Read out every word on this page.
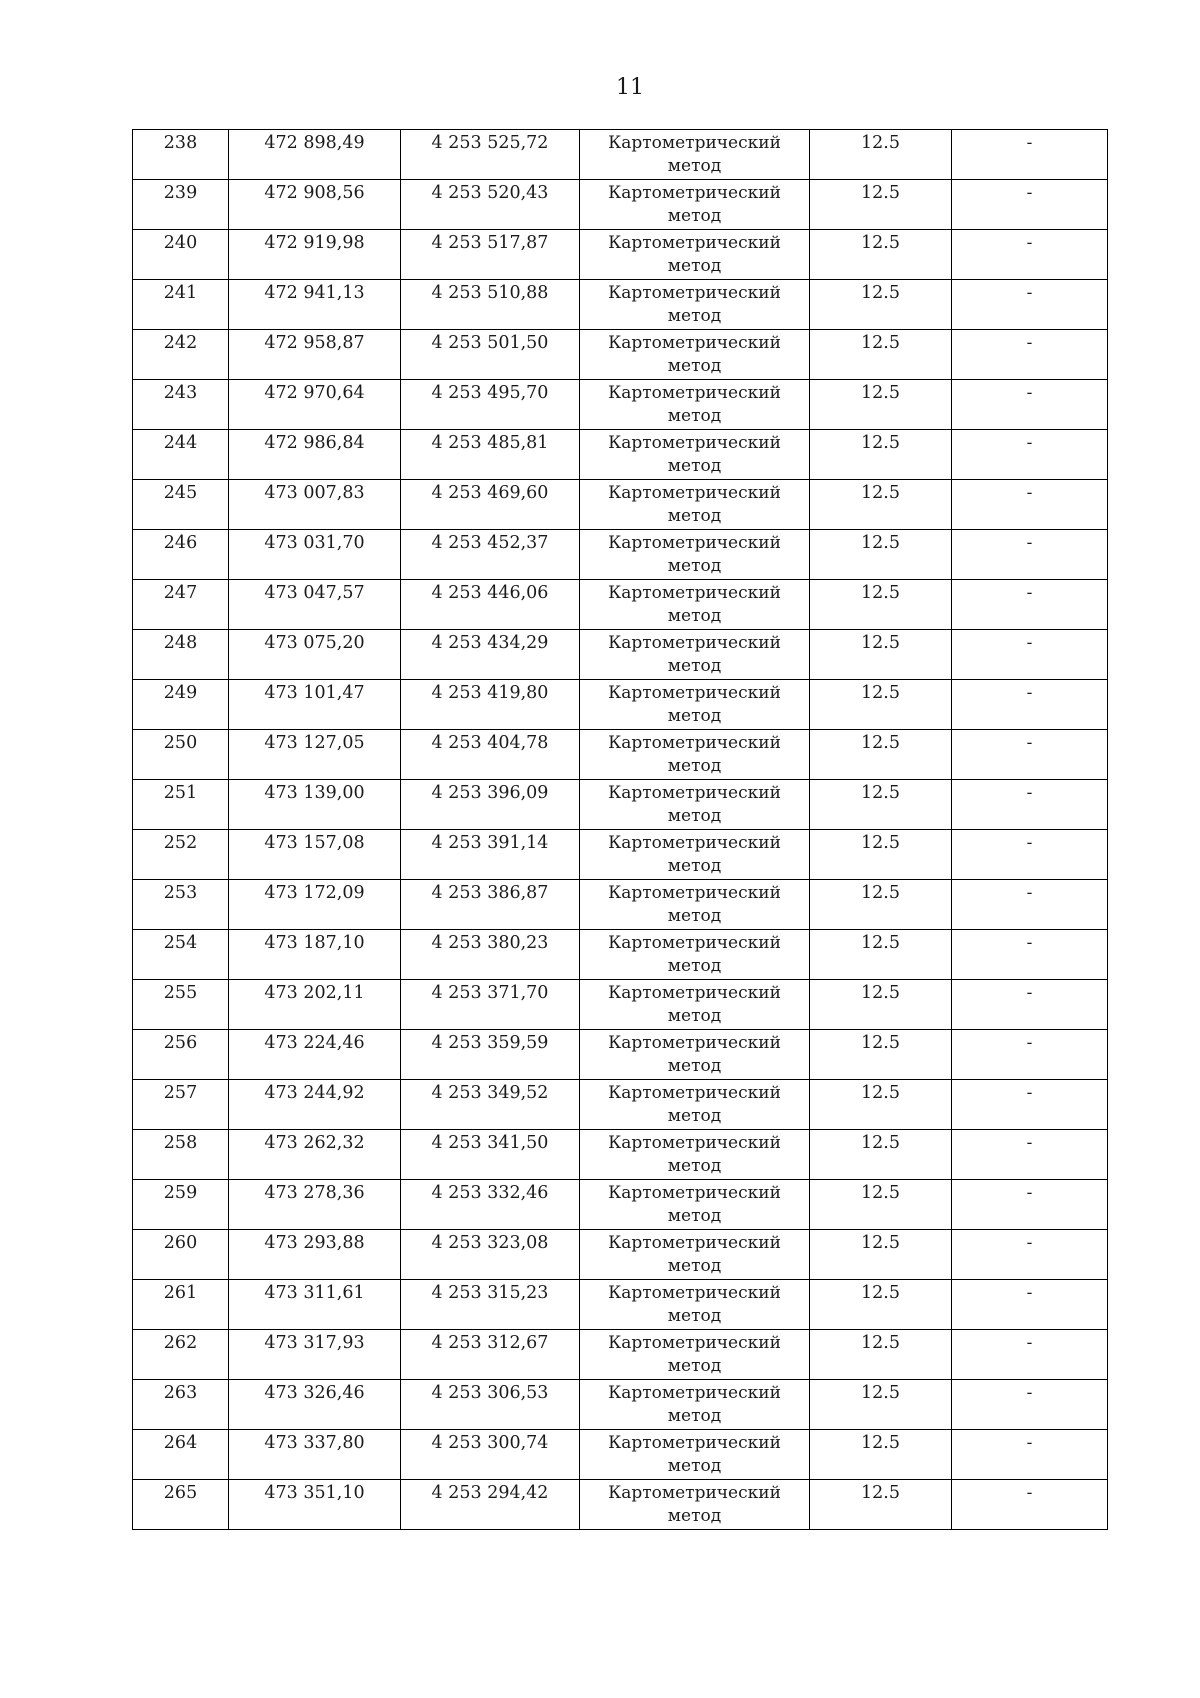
11
238	472 898,49	4 253 525,72	Картометрический метод	12.5	-

239	472 908,56	4 253 520,43	Картометрический метод	12.5	-

240	472 919,98	4 253 517,87	Картометрический метод	12.5	-

241	472 941,13	4 253 510,88	Картометрический метод	12.5	-

242	472 958,87	4 253 501,50	Картометрический метод	12.5	-

243	472 970,64	4 253 495,70	Картометрический метод	12.5	-

244	472 986,84	4 253 485,81	Картометрический метод	12.5	-

245	473 007,83	4 253 469,60	Картометрический метод	12.5	-

246	473 031,70	4 253 452,37	Картометрический метод	12.5	-

247	473 047,57	4 253 446,06	Картометрический метод	12.5	-

248	473 075,20	4 253 434,29	Картометрический метод	12.5	-

249	473 101,47	4 253 419,80	Картометрический метод	12.5	-

250	473 127,05	4 253 404,78	Картометрический метод	12.5	-

251	473 139,00	4 253 396,09	Картометрический метод	12.5	-

252	473 157,08	4 253 391,14	Картометрический метод	12.5	-

253	473 172,09	4 253 386,87	Картометрический метод	12.5	-

254	473 187,10	4 253 380,23	Картометрический метод	12.5	-

255	473 202,11	4 253 371,70	Картометрический метод	12.5	-

256	473 224,46	4 253 359,59	Картометрический метод	12.5	-

257	473 244,92	4 253 349,52	Картометрический метод	12.5	-

258	473 262,32	4 253 341,50	Картометрический метод	12.5	-

259	473 278,36	4 253 332,46	Картометрический метод	12.5	-

260	473 293,88	4 253 323,08	Картометрический метод	12.5	-

261	473 311,61	4 253 315,23	Картометрический метод	12.5	-

262	473 317,93	4 253 312,67	Картометрический метод	12.5	-

263	473 326,46	4 253 306,53	Картометрический метод	12.5	-

264	473 337,80	4 253 300,74	Картометрический метод	12.5	-

265	473 351,10	4 253 294,42	Картометрический метод	12.5	-
